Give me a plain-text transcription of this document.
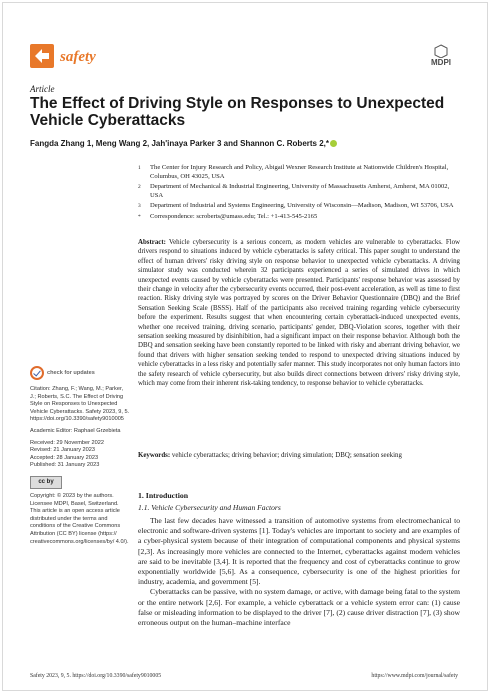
safety	MDPI
Article
The Effect of Driving Style on Responses to Unexpected Vehicle Cyberattacks
Fangda Zhang 1, Meng Wang 2, Jah'inaya Parker 3 and Shannon C. Roberts 2,*
1 The Center for Injury Research and Policy, Abigail Wexner Research Institute at Nationwide Children's Hospital, Columbus, OH 43025, USA
2 Department of Mechanical & Industrial Engineering, University of Massachusetts Amherst, Amherst, MA 01002, USA
3 Department of Industrial and Systems Engineering, University of Wisconsin—Madison, Madison, WI 53706, USA
* Correspondence: scroberts@umass.edu; Tel.: +1-413-545-2165
Abstract: Vehicle cybersecurity is a serious concern, as modern vehicles are vulnerable to cyberattacks. Flow drivers respond to situations induced by vehicle cyberattacks is safety critical. This paper sought to understand the effect of human drivers' risky driving style on response behavior to unexpected vehicle cyberattacks. A driving simulator study was conducted wherein 32 participants experienced a series of simulated drives in which unexpected events caused by vehicle cyberattacks were presented. Participants' response behavior was assessed by their change in velocity after the cybersecurity events occurred, their post-event acceleration, as well as time to first reaction. Risky driving style was portrayed by scores on the Driver Behavior Questionnaire (DBQ) and the Brief Sensation Seeking Scale (BSSS). Half of the participants also received training regarding vehicle cybersecurity before the experiment. Results suggest that when encountering certain cyberattack-induced unexpected events, whether one received training, driving scenario, participants' gender, DBQ-Violation scores, together with their sensation seeking measured by disinhibition, had a significant impact on their response behavior. Although both the DBQ and sensation seeking have been constantly reported to be linked with risky and aberrant driving behavior, we found that drivers with higher sensation seeking tended to respond to unexpected driving situations induced by vehicle cyberattacks in a less risky and potentially safer manner. This study incorporates not only human factors into the safety research of vehicle cybersecurity, but also builds direct connections between drivers' risky driving style, which may come from their inherent risk-taking tendency, to response behavior to vehicle cyberattacks.
Keywords: vehicle cyberattacks; driving behavior; driving simulation; DBQ; sensation seeking
check for updates

Citation: Zhang, F.; Wang, M.; Parker, J.; Roberts, S.C. The Effect of Driving Style on Responses to Unexpected Vehicle Cyberattacks. Safety 2023, 9, 5. https://doi.org/10.3390/safety9010005

Academic Editor: Raphael Grzebieta

Received: 29 November 2022

Revised: 21 January 2023

Accepted: 28 January 2023

Published: 31 January 2023

cc by

Copyright: © 2023 by the authors. Licensee MDPI, Basel, Switzerland. This article is an open access article distributed under the terms and conditions of the Creative Commons Attribution (CC BY) license (https:// creativecommons.org/licenses/by/ 4.0/).

1. Introduction
1.1. Vehicle Cybersecurity and Human Factors

The last few decades have witnessed a transition of automotive systems from electromechanical to electronic and software-driven systems [1]. Today's vehicles are important to society and are examples of a cyber-physical system because of their integration of computational components and physical systems [2,3]. As increasingly more vehicles are connected to the Internet, cyberattacks against modern vehicles are said to be inevitable [3,4]. It is reported that the frequency and cost of cyberattacks continue to grow exponentially worldwide [5,6]. As a consequence, cybersecurity is one of the highest priorities for industry, academia, and government [5].

Cyberattacks can be passive, with no system damage, or active, with damage being fatal to the system or the entire network [2,6]. For example, a vehicle cyberattack or a vehicle system error can: (1) cause false or misleading information to be displayed to the driver [7], (2) cause driver distraction [7], (3) show erroneous output on the human–machine interface

Safety 2023, 9, 5. https://doi.org/10.3390/safety9010005	https://www.mdpi.com/journal/safety
